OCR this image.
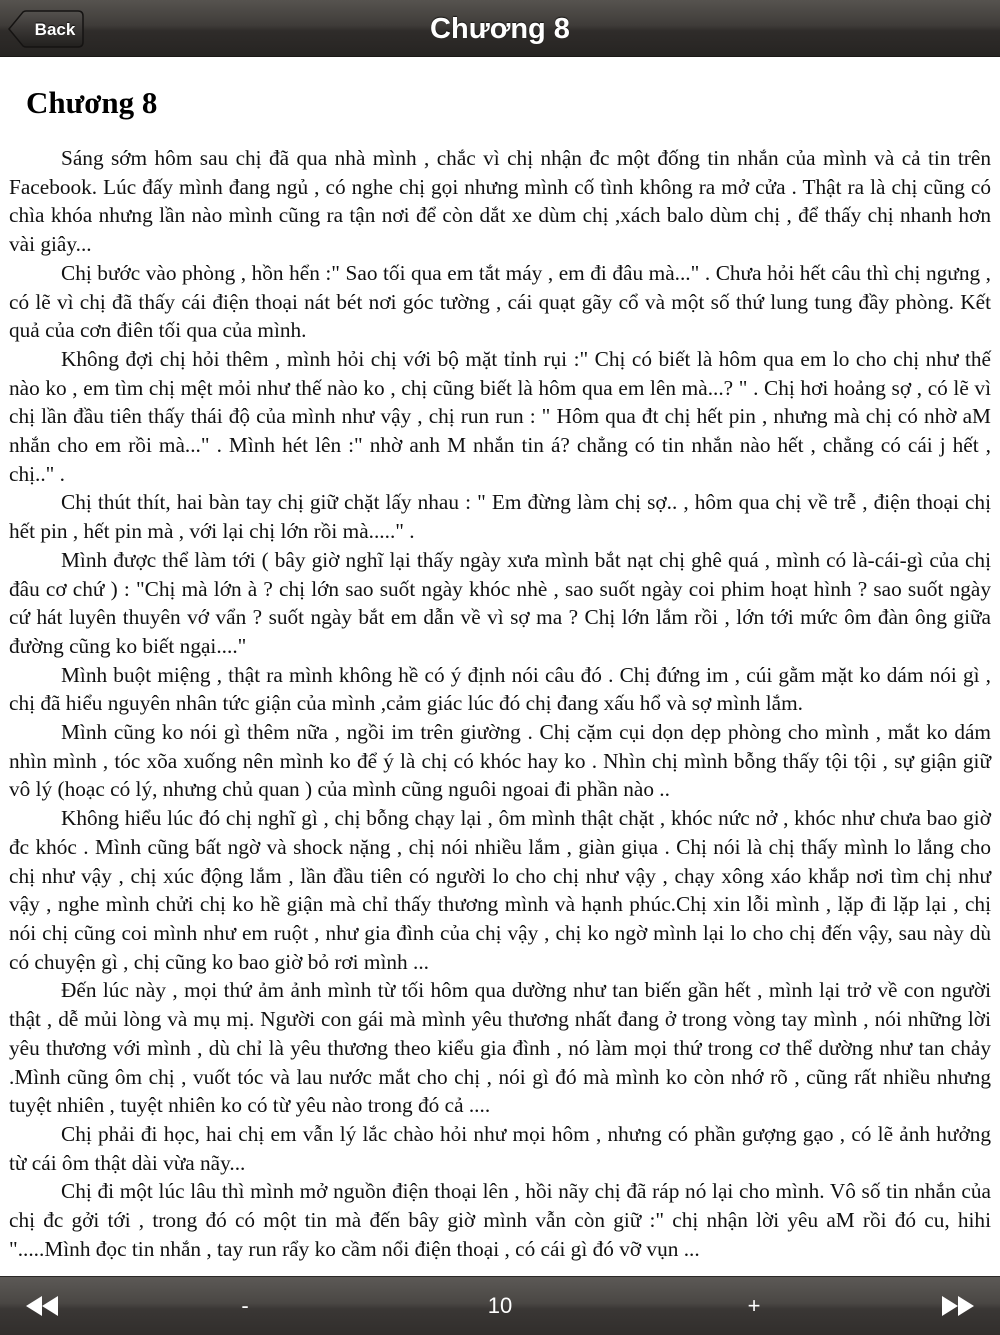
Back	Chương 8
Chương 8

Sáng sớm hôm sau chị đã qua nhà mình , chắc vì chị nhận đc một đống tin nhắn của mình và cả tin trên Facebook. Lúc đấy mình đang ngủ , có nghe chị gọi nhưng mình cố tình không ra mở cửa . Thật ra là chị cũng có chìa khóa nhưng lần nào mình cũng ra tận nơi để còn dắt xe dùm chị ,xách balo dùm chị , để thấy chị nhanh hơn vài giây...

Chị bước vào phòng , hồn hển :" Sao tối qua em tắt máy , em đi đâu mà..." . Chưa hỏi hết câu thì chị ngưng , có lẽ vì chị đã thấy cái điện thoại nát bét nơi góc tường , cái quạt gãy cổ và một số thứ lung tung đầy phòng. Kết quả của cơn điên tối qua của mình.

Không đợi chị hỏi thêm , mình hỏi chị với bộ mặt tỉnh rụi :" Chị có biết là hôm qua em lo cho chị như thế nào ko , em tìm chị mệt mỏi như thế nào ko , chị cũng biết là hôm qua em lên mà...? " . Chị hơi hoảng sợ , có lẽ vì chị lần đầu tiên thấy thái độ của mình như vậy , chị run run : " Hôm qua đt chị hết pin , nhưng mà chị có nhờ aM nhắn cho em rồi mà..." . Mình hét lên :" nhờ anh M nhắn tin á? chẳng có tin nhắn nào hết , chẳng có cái j hết , chị.." .

Chị thút thít, hai bàn tay chị giữ chặt lấy nhau : " Em đừng làm chị sợ.. , hôm qua chị về trễ , điện thoại chị hết pin , hết pin mà , với lại chị lớn rồi mà....." .

Mình được thể làm tới ( bây giờ nghĩ lại thấy ngày xưa mình bắt nạt chị ghê quá , mình có là-cái-gì của chị đâu cơ chứ ) : "Chị mà lớn à ? chị lớn sao suốt ngày khóc nhè , sao suốt ngày coi phim hoạt hình ? sao suốt ngày cứ hát luyên thuyên vớ vẩn ? suốt ngày bắt em dẫn về vì sợ ma ? Chị lớn lắm rồi , lớn tới mức ôm đàn ông giữa đường cũng ko biết ngại...."

Mình buột miệng , thật ra mình không hề có ý định nói câu đó . Chị đứng im , cúi gằm mặt ko dám nói gì , chị đã hiểu nguyên nhân tức giận của mình ,cảm giác lúc đó chị đang xấu hổ và sợ mình lắm.

Mình cũng ko nói gì thêm nữa , ngồi im trên giường . Chị cặm cụi dọn dẹp phòng cho mình , mắt ko dám nhìn mình , tóc xõa xuống nên mình ko để ý là chị có khóc hay ko . Nhìn chị mình bỗng thấy tội tội , sự giận giữ vô lý (hoạc có lý, nhưng chủ quan ) của mình cũng nguôi ngoai đi phần nào ..

Không hiểu lúc đó chị nghĩ gì , chị bỗng chạy lại , ôm mình thật chặt , khóc nức nở , khóc như chưa bao giờ đc khóc . Mình cũng bất ngờ và shock nặng , chị nói nhiều lắm , giàn giụa . Chị nói là chị thấy mình lo lắng cho chị như vậy , chị xúc động lắm , lần đầu tiên có người lo cho chị như vậy , chạy xông xáo khắp nơi tìm chị như vậy , nghe mình chửi chị ko hề giận mà chỉ thấy thương mình và hạnh phúc.Chị xin lỗi mình , lặp đi lặp lại , chị nói chị cũng coi mình như em ruột , như gia đình của chị vậy , chị ko ngờ mình lại lo cho chị đến vậy, sau này dù có chuyện gì , chị cũng ko bao giờ bỏ rơi mình ...

Đến lúc này , mọi thứ ảm ảnh mình từ tối hôm qua dường như tan biến gần hết , mình lại trở về con người thật , dễ mủi lòng và mụ mị. Người con gái mà mình yêu thương nhất đang ở trong vòng tay mình , nói những lời yêu thương với mình , dù chỉ là yêu thương theo kiểu gia đình , nó làm mọi thứ trong cơ thể dường như tan chảy .Mình cũng ôm chị , vuốt tóc và lau nước mắt cho chị , nói gì đó mà mình ko còn nhớ rõ , cũng rất nhiều nhưng tuyệt nhiên , tuyệt nhiên ko có từ yêu nào trong đó cả ....

Chị phải đi học, hai chị em vẫn lý lắc chào hỏi như mọi hôm , nhưng có phần gượng gạo , có lẽ ảnh hưởng từ cái ôm thật dài vừa nãy...

Chị đi một lúc lâu thì mình mở nguồn điện thoại lên , hồi nãy chị đã ráp nó lại cho mình. Vô số tin nhắn của chị đc gởi tới , trong đó có một tin mà đến bây giờ mình vẫn còn giữ :" chị nhận lời yêu aM rồi đó cu, hihi ".....Mình đọc tin nhắn , tay run rẩy ko cầm nổi điện thoại , có cái gì đó vỡ vụn ...

-	10	+
